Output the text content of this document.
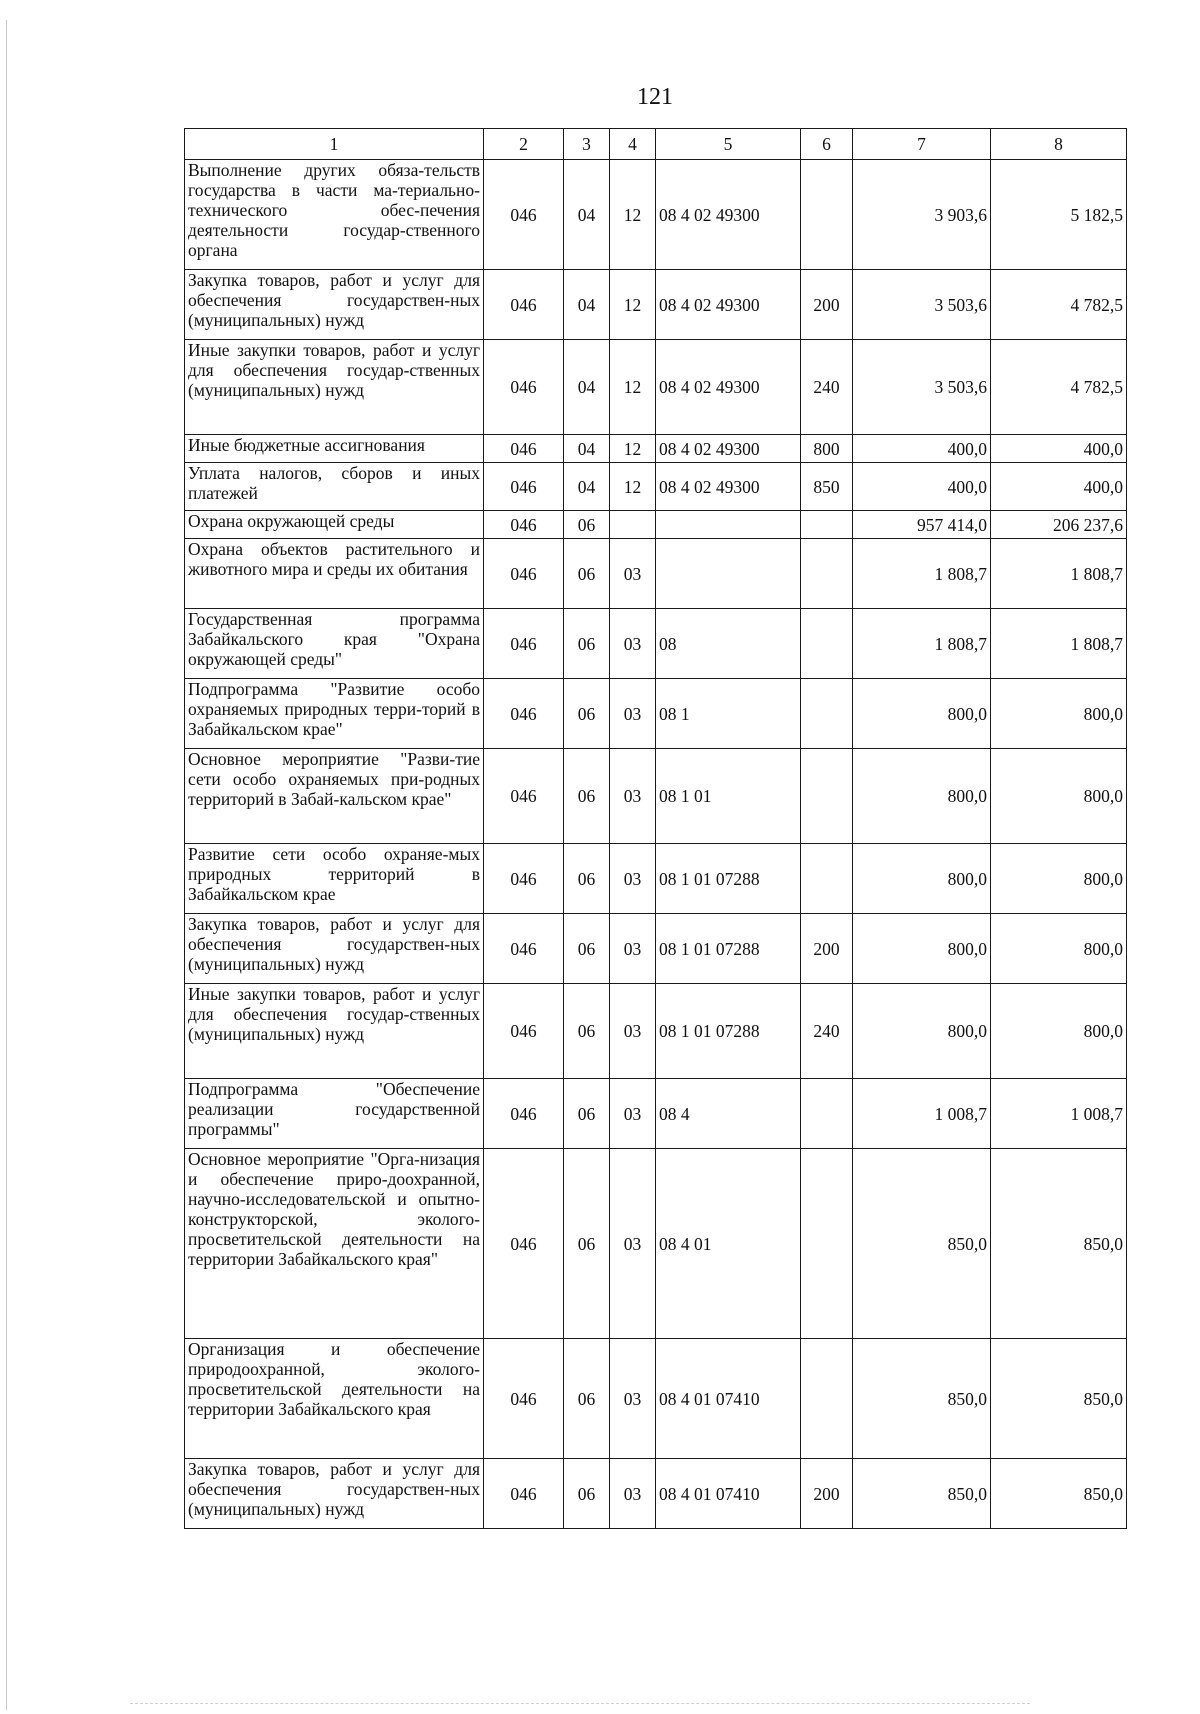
121
1	2	3	4	5	6	7	8
Выполнение других обяза-тельств государства в части ма-териально-технического обес-печения деятельности государ-ственного органа	046	04	12	08 4 02 49300		3 903,6	5 182,5
Закупка товаров, работ и услуг для обеспечения государствен-ных (муниципальных) нужд	046	04	12	08 4 02 49300	200	3 503,6	4 782,5
Иные закупки товаров, работ и услуг для обеспечения государ-ственных (муниципальных) нужд	046	04	12	08 4 02 49300	240	3 503,6	4 782,5
Иные бюджетные ассигнования	046	04	12	08 4 02 49300	800	400,0	400,0
Уплата налогов, сборов и иных платежей	046	04	12	08 4 02 49300	850	400,0	400,0
Охрана окружающей среды	046	06				957 414,0	206 237,6
Охрана объектов растительного и животного мира и среды их обитания	046	06	03			1 808,7	1 808,7
Государственная программа Забайкальского края "Охрана окружающей среды"	046	06	03	08		1 808,7	1 808,7
Подпрограмма "Развитие особо охраняемых природных терри-торий в Забайкальском крае"	046	06	03	08 1		800,0	800,0
Основное мероприятие "Разви-тие сети особо охраняемых при-родных территорий в Забай-кальском крае"	046	06	03	08 1 01		800,0	800,0
Развитие сети особо охраняе-мых природных территорий в Забайкальском крае	046	06	03	08 1 01 07288		800,0	800,0
Закупка товаров, работ и услуг для обеспечения государствен-ных (муниципальных) нужд	046	06	03	08 1 01 07288	200	800,0	800,0
Иные закупки товаров, работ и услуг для обеспечения государ-ственных (муниципальных) нужд	046	06	03	08 1 01 07288	240	800,0	800,0
Подпрограмма "Обеспечение реализации государственной программы"	046	06	03	08 4		1 008,7	1 008,7
Основное мероприятие "Орга-низация и обеспечение приро-доохранной, научно-исследовательской и опытно-конструкторской, эколого-просветительской деятельности на территории Забайкальского края"	046	06	03	08 4 01		850,0	850,0
Организация и обеспечение природоохранной, эколого-просветительской деятельности на территории Забайкальского края	046	06	03	08 4 01 07410		850,0	850,0
Закупка товаров, работ и услуг для обеспечения государствен-ных (муниципальных) нужд	046	06	03	08 4 01 07410	200	850,0	850,0
